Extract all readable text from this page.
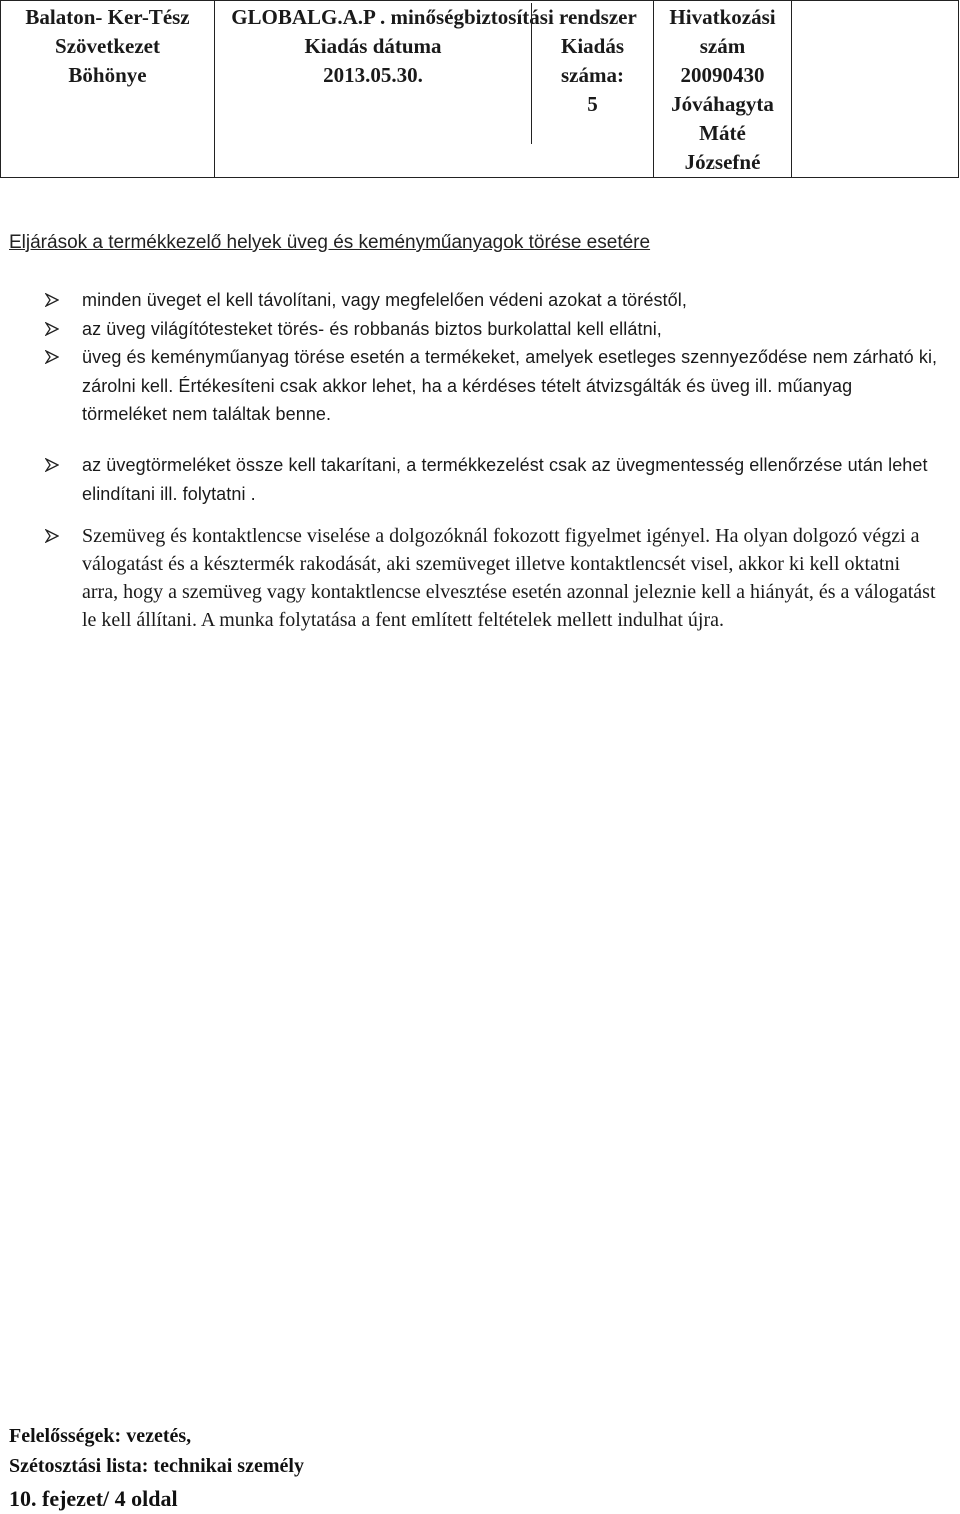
Balaton- Ker-Tész
Szövetkezet
Böhönye

GLOBALG.A.P . minőségbiztosítási rendszer
Kiadás dátuma
2013.05.30.
Kiadás
száma:
5

Hivatkozási szám
20090430
Jóváhagyta
Máté
Józsefné

Eljárások a termékkezelő helyek üveg és keményműanyagok törése esetére
minden üveget el kell távolítani, vagy megfelelően védeni azokat a töréstől,
az üveg világítótesteket törés- és robbanás biztos burkolattal kell ellátni,
üveg és keményműanyag törése esetén a termékeket, amelyek esetleges szennyeződése nem zárható ki, zárolni kell. Értékesíteni csak akkor lehet, ha a kérdéses tételt átvizsgálták és üveg ill. műanyag törmeléket nem találtak benne.
az üvegtörmeléket össze kell takarítani, a termékkezelést csak az üvegmentesség ellenőrzése után lehet elindítani ill. folytatni .
Szemüveg és kontaktlencse viselése a dolgozóknál fokozott figyelmet igényel. Ha olyan dolgozó végzi a válogatást és a késztermék rakodását, aki szemüveget illetve kontaktlencsét visel, akkor ki kell oktatni arra, hogy a szemüveg vagy kontaktlencse elvesztése esetén azonnal jeleznie kell a hiányát, és a válogatást le kell állítani. A munka folytatása a fent említett feltételek mellett indulhat újra.
Felelősségek: vezetés,
Szétosztási lista: technikai személy
10. fejezet/ 4 oldal
